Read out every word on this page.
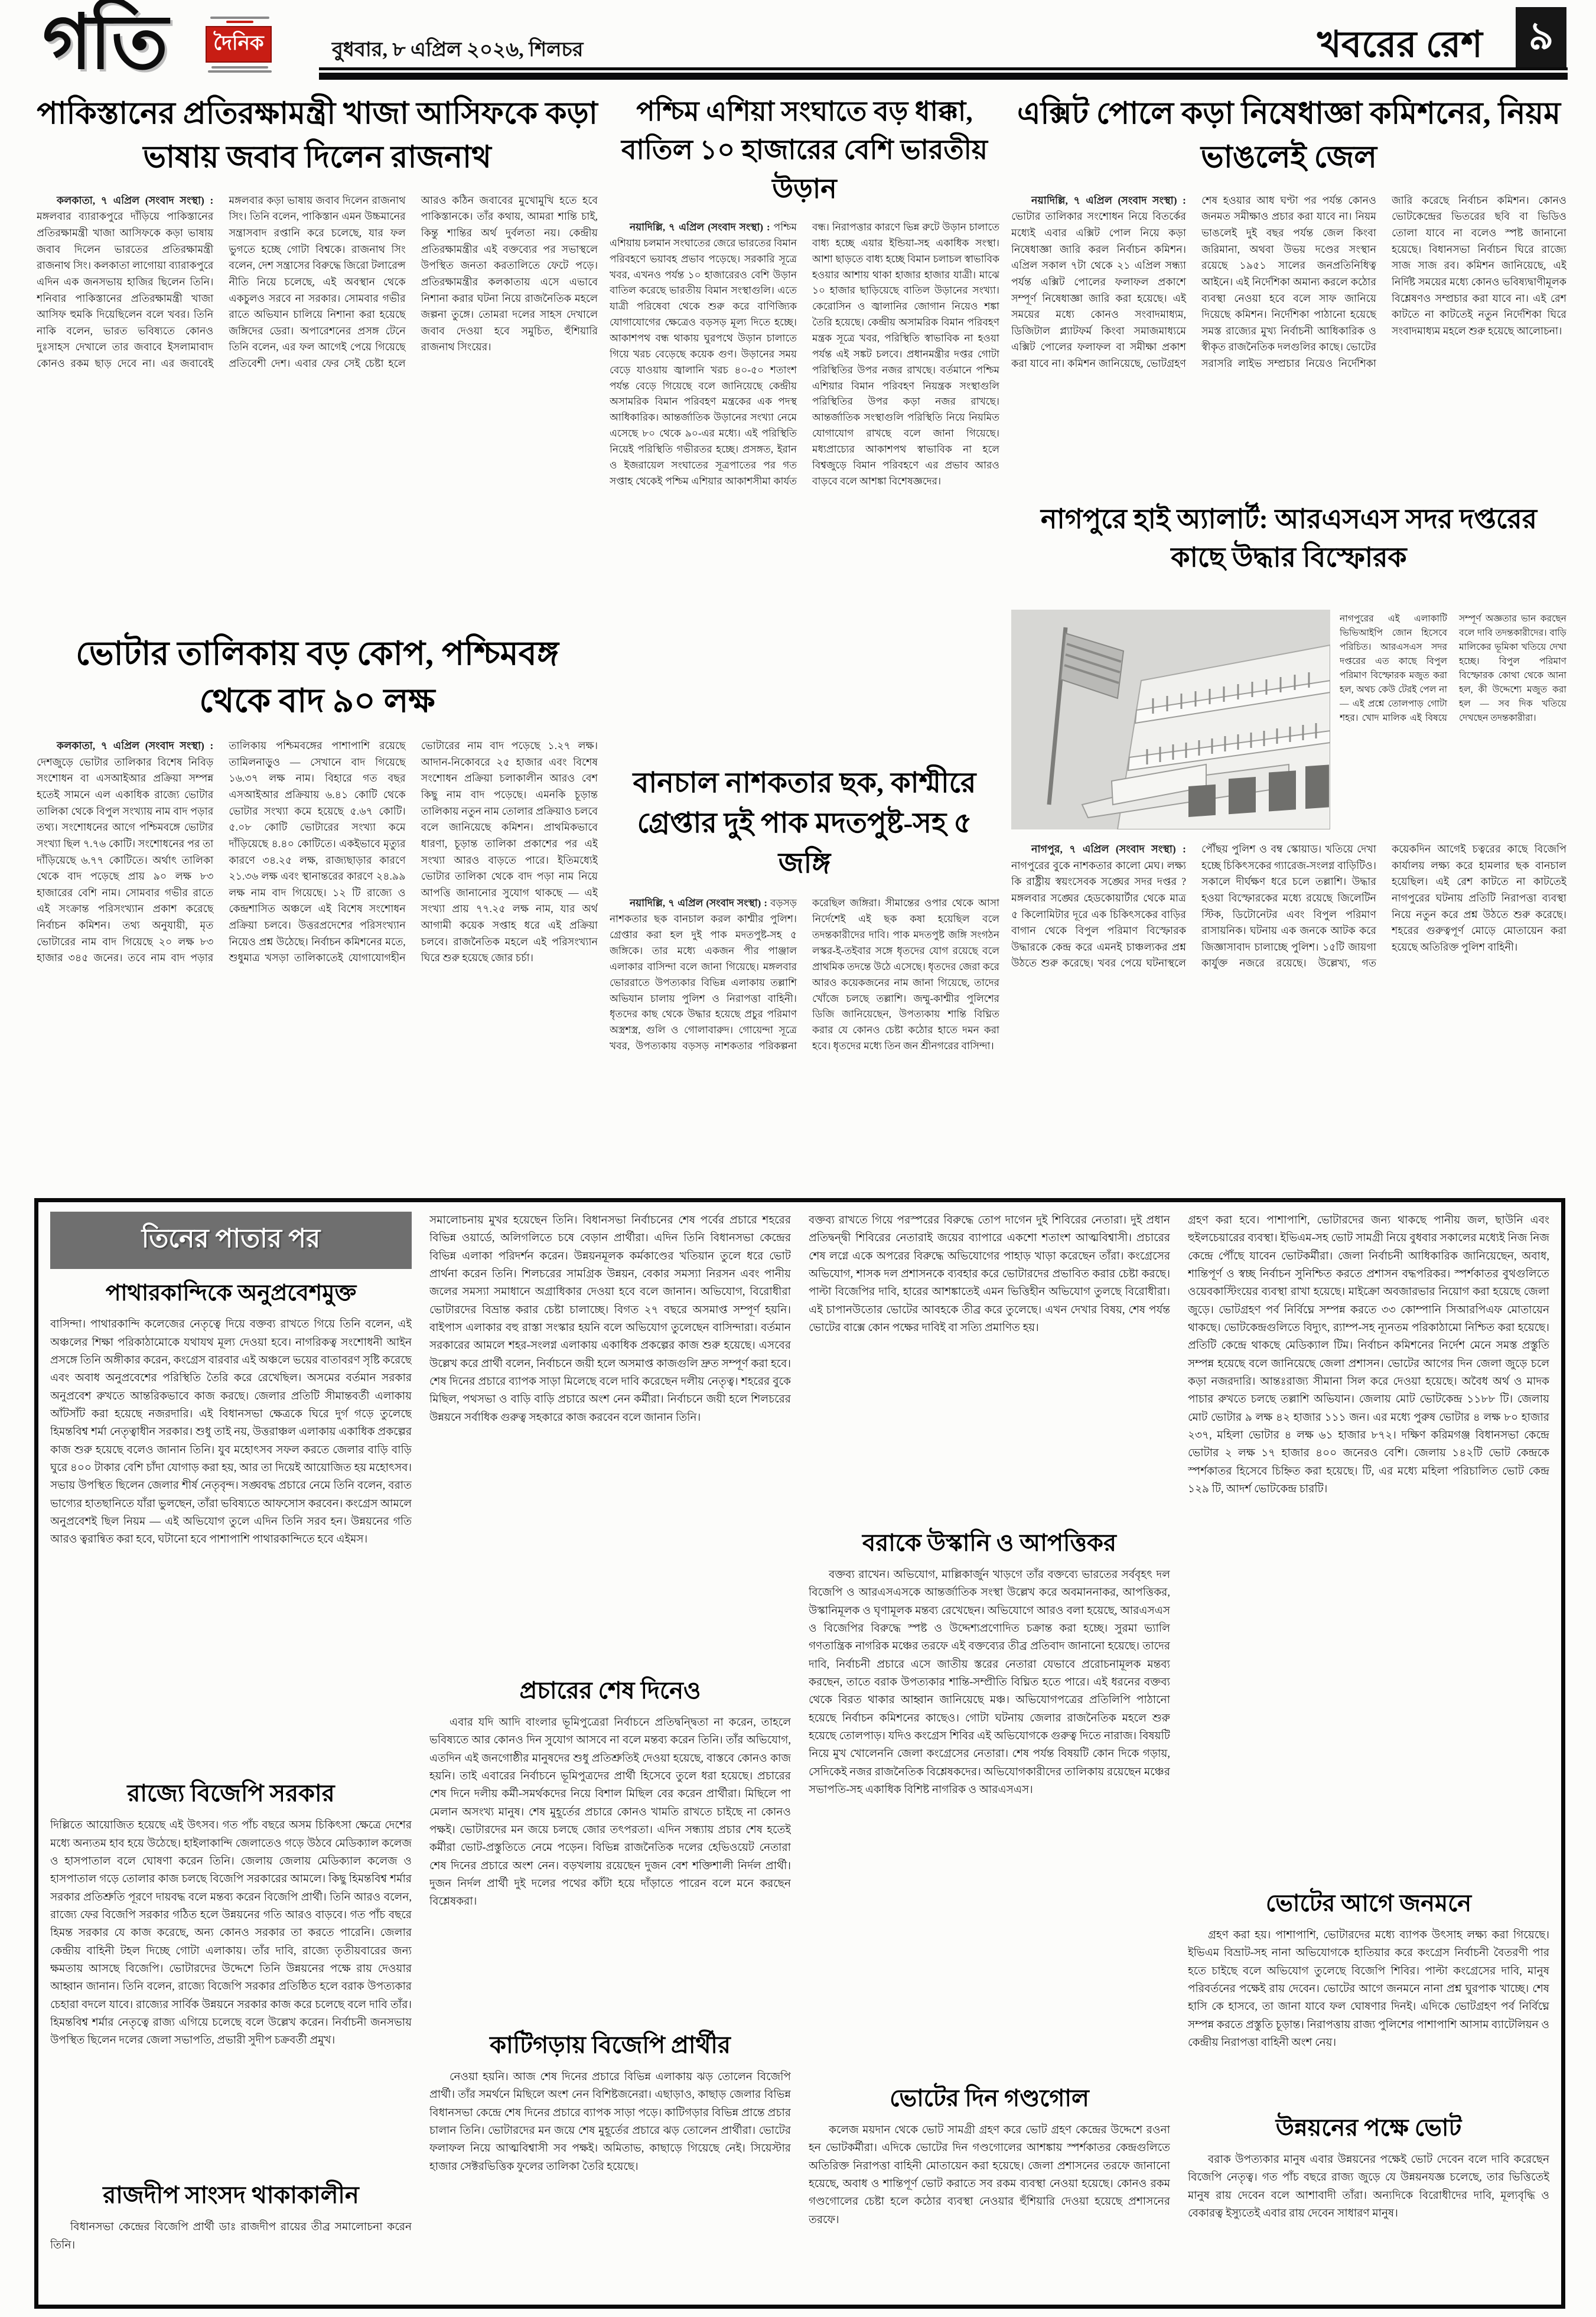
গতি দৈনিক	বুধবার, ৮ এপ্রিল ২০২৬, শিলচর	খবরের রেশ ৯
পাকিস্তানের প্রতিরক্ষামন্ত্রী খাজা আসিফকে কড়া ভাষায় জবাব দিলেন রাজনাথ

কলকাতা, ৭ এপ্রিল (সংবাদ সংস্থা) : মঙ্গলবার ব্যারাকপুরে দাঁড়িয়ে পাকিস্তানের প্রতিরক্ষামন্ত্রী খাজা আসিফকে কড়া ভাষায় জবাব দিলেন ভারতের প্রতিরক্ষামন্ত্রী রাজনাথ সিং। কলকাতা লাগোয়া ব্যারাকপুরে এদিন এক জনসভায় হাজির ছিলেন তিনি। শনিবার পাকিস্তানের প্রতিরক্ষামন্ত্রী খাজা আসিফ হুমকি দিয়েছিলেন বলে খবর। তিনি নাকি বলেন, ভারত ভবিষ্যতে কোনও দুঃসাহস দেখালে তার জবাবে ইসলামাবাদ কোনও রকম ছাড় দেবে না। এর জবাবেই মঙ্গলবার কড়া ভাষায় জবাব দিলেন রাজনাথ সিং। তিনি বলেন, পাকিস্তান এমন উচ্চমানের সন্ত্রাসবাদ রপ্তানি করে চলেছে, যার ফল ভুগতে হচ্ছে গোটা বিশ্বকে। রাজনাথ সিং বলেন, দেশ সন্ত্রাসের বিরুদ্ধে জিরো টলারেন্স নীতি নিয়ে চলেছে, এই অবস্থান থেকে একচুলও সরবে না সরকার। সোমবার গভীর রাতে অভিযান চালিয়ে নিশানা করা হয়েছে জঙ্গিদের ডেরা। অপারেশনের প্রসঙ্গ টেনে তিনি বলেন, এর ফল আগেই পেয়ে গিয়েছে প্রতিবেশী দেশ। এবার ফের সেই চেষ্টা হলে আরও কঠিন জবাবের মুখোমুখি হতে হবে পাকিস্তানকে। তাঁর কথায়, আমরা শান্তি চাই, কিন্তু শান্তির অর্থ দুর্বলতা নয়। কেন্দ্রীয় প্রতিরক্ষামন্ত্রীর এই বক্তব্যের পর সভাস্থলে উপস্থিত জনতা করতালিতে ফেটে পড়ে। প্রতিরক্ষামন্ত্রীর কলকাতায় এসে এভাবে নিশানা করার ঘটনা নিয়ে রাজনৈতিক মহলে জল্পনা তুঙ্গে। তোমরা দলের সাহস দেখালে জবাব দেওয়া হবে সমুচিত, হুঁশিয়ারি রাজনাথ সিংয়ের।

ভোটার তালিকায় বড় কোপ, পশ্চিমবঙ্গ থেকে বাদ ৯০ লক্ষ

কলকাতা, ৭ এপ্রিল (সংবাদ সংস্থা) : দেশজুড়ে ভোটার তালিকার বিশেষ নিবিড় সংশোধন বা এসআইআর প্রক্রিয়া সম্পন্ন হতেই সামনে এল একাধিক রাজ্যে ভোটার তালিকা থেকে বিপুল সংখ্যায় নাম বাদ পড়ার তথ্য। সংশোধনের আগে পশ্চিমবঙ্গে ভোটার সংখ্যা ছিল ৭.৭৬ কোটি। সংশোধনের পর তা দাঁড়িয়েছে ৬.৭৭ কোটিতে। অর্থাৎ তালিকা থেকে বাদ পড়েছে প্রায় ৯০ লক্ষ ৮৩ হাজারের বেশি নাম। সোমবার গভীর রাতে এই সংক্রান্ত পরিসংখ্যান প্রকাশ করেছে নির্বাচন কমিশন। তথ্য অনুযায়ী, মৃত ভোটারের নাম বাদ গিয়েছে ২০ লক্ষ ৮৩ হাজার ৩৪৫ জনের। তবে নাম বাদ পড়ার তালিকায় পশ্চিমবঙ্গের পাশাপাশি রয়েছে তামিলনাড়ুও — সেখানে বাদ গিয়েছে ১৬.৩৭ লক্ষ নাম। বিহারে গত বছর এসআইআর প্রক্রিয়ায় ৬.৪১ কোটি থেকে ভোটার সংখ্যা কমে হয়েছে ৫.৬৭ কোটি। ৫.০৮ কোটি ভোটারের সংখ্যা কমে দাঁড়িয়েছে ৪.৪০ কোটিতে। একইভাবে মৃত্যুর কারণে ৩৪.২৫ লক্ষ, রাজ্যছাড়ার কারণে ২১.৩৬ লক্ষ এবং স্থানান্তরের কারণে ২৪.৯৯ লক্ষ নাম বাদ গিয়েছে। ১২ টি রাজ্যে ও কেন্দ্রশাসিত অঞ্চলে এই বিশেষ সংশোধন প্রক্রিয়া চলবে। উত্তরপ্রদেশের পরিসংখ্যান নিয়েও প্রশ্ন উঠেছে। নির্বাচন কমিশনের মতে, শুধুমাত্র খসড়া তালিকাতেই যোগাযোগহীন ভোটারের নাম বাদ পড়েছে ১.২৭ লক্ষ। আদান-নিকোবরে ২৫ হাজার এবং বিশেষ সংশোধন প্রক্রিয়া চলাকালীন আরও বেশ কিছু নাম বাদ পড়েছে। এমনকি চূড়ান্ত তালিকায় নতুন নাম তোলার প্রক্রিয়াও চলবে বলে জানিয়েছে কমিশন। প্রাথমিকভাবে ধারণা, চূড়ান্ত তালিকা প্রকাশের পর এই সংখ্যা আরও বাড়তে পারে। ইতিমধ্যেই ভোটার তালিকা থেকে বাদ পড়া নাম নিয়ে আপত্তি জানানোর সুযোগ থাকছে — এই সংখ্যা প্রায় ৭৭.২৫ লক্ষ নাম, যার অর্থ আগামী কয়েক সপ্তাহ ধরে এই প্রক্রিয়া চলবে। রাজনৈতিক মহলে এই পরিসংখ্যান ঘিরে শুরু হয়েছে জোর চর্চা।

পশ্চিম এশিয়া সংঘাতে বড় ধাক্কা, বাতিল ১০ হাজারের বেশি ভারতীয় উড়ান

নয়াদিল্লি, ৭ এপ্রিল (সংবাদ সংস্থা) : পশ্চিম এশিয়ায় চলমান সংঘাতের জেরে ভারতের বিমান পরিবহণে ভয়াবহ প্রভাব পড়েছে। সরকারি সূত্রে খবর, এখনও পর্যন্ত ১০ হাজারেরও বেশি উড়ান বাতিল করেছে ভারতীয় বিমান সংস্থাগুলি। এতে যাত্রী পরিষেবা থেকে শুরু করে বাণিজ্যিক যোগাযোগের ক্ষেত্রেও বড়সড় মূল্য দিতে হচ্ছে। আকাশপথ বন্ধ থাকায় ঘুরপথে উড়ান চালাতে গিয়ে খরচ বেড়েছে কয়েক গুণ। উড়ানের সময় বেড়ে যাওয়ায় জ্বালানি খরচ ৪০-৫০ শতাংশ পর্যন্ত বেড়ে গিয়েছে বলে জানিয়েছে কেন্দ্রীয় অসামরিক বিমান পরিবহণ মন্ত্রকের এক পদস্থ আধিকারিক। আন্তর্জাতিক উড়ানের সংখ্যা নেমে এসেছে ৮০ থেকে ৯০-এর মধ্যে। এই পরিস্থিতি নিয়েই পরিস্থিতি গভীরতর হচ্ছে। প্রসঙ্গত, ইরান ও ইজরায়েল সংঘাতের সূত্রপাতের পর গত সপ্তাহ থেকেই পশ্চিম এশিয়ার আকাশসীমা কার্যত বন্ধ। নিরাপত্তার কারণে ভিন্ন রুটে উড়ান চালাতে বাধ্য হচ্ছে এয়ার ইন্ডিয়া-সহ একাধিক সংস্থা। আশা ছাড়তে বাধ্য হচ্ছে বিমান চলাচল স্বাভাবিক হওয়ার আশায় থাকা হাজার হাজার যাত্রী। মাঝে ১০ হাজার ছাড়িয়েছে বাতিল উড়ানের সংখ্যা। কেরোসিন ও জ্বালানির জোগান নিয়েও শঙ্কা তৈরি হয়েছে। কেন্দ্রীয় অসামরিক বিমান পরিবহণ মন্ত্রক সূত্রে খবর, পরিস্থিতি স্বাভাবিক না হওয়া পর্যন্ত এই সঙ্কট চলবে। প্রধানমন্ত্রীর দপ্তর গোটা পরিস্থিতির উপর নজর রাখছে। বর্তমানে পশ্চিম এশিয়ার বিমান পরিবহণ নিয়ন্ত্রক সংস্থাগুলি পরিস্থিতির উপর কড়া নজর রাখছে। আন্তর্জাতিক সংস্থাগুলি পরিস্থিতি নিয়ে নিয়মিত যোগাযোগ রাখছে বলে জানা গিয়েছে। মধ্যপ্রাচ্যের আকাশপথ স্বাভাবিক না হলে বিশ্বজুড়ে বিমান পরিবহণে এর প্রভাব আরও বাড়বে বলে আশঙ্কা বিশেষজ্ঞদের।

বানচাল নাশকতার ছক, কাশ্মীরে গ্রেপ্তার দুই পাক মদতপুষ্ট-সহ ৫ জঙ্গি

নয়াদিল্লি, ৭ এপ্রিল (সংবাদ সংস্থা) : বড়সড় নাশকতার ছক বানচাল করল কাশ্মীর পুলিশ। গ্রেপ্তার করা হল দুই পাক মদতপুষ্ট-সহ ৫ জঙ্গিকে। তার মধ্যে একজন পীর পাঞ্জাল এলাকার বাসিন্দা বলে জানা গিয়েছে। মঙ্গলবার ভোররাতে উপত্যকার বিভিন্ন এলাকায় তল্লাশি অভিযান চালায় পুলিশ ও নিরাপত্তা বাহিনী। ধৃতদের কাছ থেকে উদ্ধার হয়েছে প্রচুর পরিমাণ অস্ত্রশস্ত্র, গুলি ও গোলাবারুদ। গোয়েন্দা সূত্রে খবর, উপত্যকায় বড়সড় নাশকতার পরিকল্পনা করেছিল জঙ্গিরা। সীমান্তের ওপার থেকে আসা নির্দেশেই এই ছক কষা হয়েছিল বলে তদন্তকারীদের দাবি। পাক মদতপুষ্ট জঙ্গি সংগঠন লস্কর-ই-তইবার সঙ্গে ধৃতদের যোগ রয়েছে বলে প্রাথমিক তদন্তে উঠে এসেছে। ধৃতদের জেরা করে আরও কয়েকজনের নাম জানা গিয়েছে, তাদের খোঁজে চলছে তল্লাশি। জম্মু-কাশ্মীর পুলিশের ডিজি জানিয়েছেন, উপত্যকায় শান্তি বিঘ্নিত করার যে কোনও চেষ্টা কঠোর হাতে দমন করা হবে। ধৃতদের মধ্যে তিন জন শ্রীনগরের বাসিন্দা।

এক্সিট পোলে কড়া নিষেধাজ্ঞা কমিশনের, নিয়ম ভাঙলেই জেল

নয়াদিল্লি, ৭ এপ্রিল (সংবাদ সংস্থা) : ভোটার তালিকার সংশোধন নিয়ে বিতর্কের মধ্যেই এবার এক্সিট পোল নিয়ে কড়া নিষেধাজ্ঞা জারি করল নির্বাচন কমিশন। এপ্রিল সকাল ৭টা থেকে ২১ এপ্রিল সন্ধ্যা পর্যন্ত এক্সিট পোলের ফলাফল প্রকাশে সম্পূর্ণ নিষেধাজ্ঞা জারি করা হয়েছে। এই সময়ের মধ্যে কোনও সংবাদমাধ্যম, ডিজিটাল প্ল্যাটফর্ম কিংবা সমাজমাধ্যমে এক্সিট পোলের ফলাফল বা সমীক্ষা প্রকাশ করা যাবে না। কমিশন জানিয়েছে, ভোটগ্রহণ শেষ হওয়ার আধ ঘণ্টা পর পর্যন্ত কোনও জনমত সমীক্ষাও প্রচার করা যাবে না। নিয়ম ভাঙলেই দুই বছর পর্যন্ত জেল কিংবা জরিমানা, অথবা উভয় দণ্ডের সংস্থান রয়েছে ১৯৫১ সালের জনপ্রতিনিধিত্ব আইনে। এই নির্দেশিকা অমান্য করলে কঠোর ব্যবস্থা নেওয়া হবে বলে সাফ জানিয়ে দিয়েছে কমিশন। নির্দেশিকা পাঠানো হয়েছে সমস্ত রাজ্যের মুখ্য নির্বাচনী আধিকারিক ও স্বীকৃত রাজনৈতিক দলগুলির কাছে। ভোটের সরাসরি লাইভ সম্প্রচার নিয়েও নির্দেশিকা জারি করেছে নির্বাচন কমিশন। কোনও ভোটকেন্দ্রের ভিতরের ছবি বা ভিডিও তোলা যাবে না বলেও স্পষ্ট জানানো হয়েছে। বিধানসভা নির্বাচন ঘিরে রাজ্যে সাজ সাজ রব। কমিশন জানিয়েছে, এই নির্দিষ্ট সময়ের মধ্যে কোনও ভবিষ্যদ্বাণীমূলক বিশ্লেষণও সম্প্রচার করা যাবে না। এই রেশ কাটতে না কাটতেই নতুন নির্দেশিকা ঘিরে সংবাদমাধ্যম মহলে শুরু হয়েছে আলোচনা।

নাগপুরে হাই অ্যালার্ট: আরএসএস সদর দপ্তরের কাছে উদ্ধার বিস্ফোরক

নাগপুরের এই এলাকাটি ভিভিআইপি জোন হিসেবে পরিচিত। আরএসএস সদর দপ্তরের এত কাছে বিপুল পরিমাণ বিস্ফোরক মজুত করা হল, অথচ কেউ টেরই পেল না — এই প্রশ্নে তোলপাড় গোটা শহর। খোদ মালিক এই বিষয়ে সম্পূর্ণ অজ্ঞতার ভান করছেন বলে দাবি তদন্তকারীদের। বাড়ি মালিকের ভূমিকা খতিয়ে দেখা হচ্ছে। বিপুল পরিমাণ বিস্ফোরক কোথা থেকে আনা হল, কী উদ্দেশ্যে মজুত করা হল — সব দিক খতিয়ে দেখছেন তদন্তকারীরা।

নাগপুর, ৭ এপ্রিল (সংবাদ সংস্থা) : নাগপুরের বুকে নাশকতার কালো মেঘ। লক্ষ্য কি রাষ্ট্রীয় স্বয়ংসেবক সঙ্ঘের সদর দপ্তর ? মঙ্গলবার সঙ্ঘের হেডকোয়ার্টার থেকে মাত্র ৫ কিলোমিটার দূরে এক চিকিৎসকের বাড়ির বাগান থেকে বিপুল পরিমাণ বিস্ফোরক উদ্ধারকে কেন্দ্র করে এমনই চাঞ্চল্যকর প্রশ্ন উঠতে শুরু করেছে। খবর পেয়ে ঘটনাস্থলে পৌঁছয় পুলিশ ও বম্ব স্কোয়াড। খতিয়ে দেখা হচ্ছে চিকিৎসকের গ্যারেজ-সংলগ্ন বাড়িটিও। সকালে দীর্ঘক্ষণ ধরে চলে তল্লাশি। উদ্ধার হওয়া বিস্ফোরকের মধ্যে রয়েছে জিলেটিন স্টিক, ডিটোনেটর এবং বিপুল পরিমাণ রাসায়নিক। ঘটনায় এক জনকে আটক করে জিজ্ঞাসাবাদ চালাচ্ছে পুলিশ। ১৫টি জায়গা কার্যুক্ত নজরে রয়েছে। উল্লেখ্য, গত কয়েকদিন আগেই চত্বরের কাছে বিজেপি কার্যালয় লক্ষ্য করে হামলার ছক বানচাল হয়েছিল। এই রেশ কাটতে না কাটতেই নাগপুরের ঘটনায় প্রতিটি নিরাপত্তা ব্যবস্থা নিয়ে নতুন করে প্রশ্ন উঠতে শুরু করেছে। শহরের গুরুত্বপূর্ণ মোড়ে মোতায়েন করা হয়েছে অতিরিক্ত পুলিশ বাহিনী।

তিনের পাতার পর
পাথারকান্দিকে অনুপ্রবেশমুক্ত

বাসিন্দা। পাথারকান্দি কলেজের নেতৃত্বে দিয়ে বক্তব্য রাখতে গিয়ে তিনি বলেন, এই অঞ্চলের শিক্ষা পরিকাঠামোকে যথাযথ মূল্য দেওয়া হবে। নাগরিকত্ব সংশোধনী আইন প্রসঙ্গে তিনি অঙ্গীকার করেন, কংগ্রেস বারবার এই অঞ্চলে ভয়ের বাতাবরণ সৃষ্টি করেছে এবং অবাধ অনুপ্রবেশের পরিস্থিতি তৈরি করে রেখেছিল। অসমের বর্তমান সরকার অনুপ্রবেশ রুখতে আন্তরিকভাবে কাজ করছে। জেলার প্রতিটি সীমান্তবর্তী এলাকায় আঁটসাঁট করা হয়েছে নজরদারি। এই বিধানসভা ক্ষেত্রকে ঘিরে দুর্গ গড়ে তুলেছে হিমন্তবিশ্ব শর্মা নেতৃত্বাধীন সরকার। শুধু তাই নয়, উত্তরাঞ্চল এলাকায় একাধিক প্রকল্পের কাজ শুরু হয়েছে বলেও জানান তিনি। যুব মহোৎসব সফল করতে জেলার বাড়ি বাড়ি ঘুরে ৪০০ টাকার বেশি চাঁদা যোগাড় করা হয়, আর তা দিয়েই আয়োজিত হয় মহোৎসব। সভায় উপস্থিত ছিলেন জেলার শীর্ষ নেতৃবৃন্দ। সঙ্ঘবদ্ধ প্রচারে নেমে তিনি বলেন, বরাত ভাগ্যের হাতছানিতে যাঁরা ভুলছেন, তাঁরা ভবিষ্যতে আফসোস করবেন। কংগ্রেস আমলে অনুপ্রবেশই ছিল নিয়ম — এই অভিযোগ তুলে এদিন তিনি সরব হন। উন্নয়নের গতি আরও ত্বরান্বিত করা হবে, ঘটানো হবে পাশাপাশি পাথারকান্দিতে হবে এইমস।

রাজ্যে বিজেপি সরকার

দিল্লিতে আয়োজিত হয়েছে এই উৎসব। গত পাঁচ বছরে অসম চিকিৎসা ক্ষেত্রে দেশের মধ্যে অন্যতম হাব হয়ে উঠেছে। হাইলাকান্দি জেলাতেও গড়ে উঠবে মেডিক্যাল কলেজ ও হাসপাতাল বলে ঘোষণা করেন তিনি। জেলায় জেলায় মেডিক্যাল কলেজ ও হাসপাতাল গড়ে তোলার কাজ চলছে বিজেপি সরকারের আমলে। কিছু হিমন্তবিশ্ব শর্মার সরকার প্রতিশ্রুতি পূরণে দায়বদ্ধ বলে মন্তব্য করেন বিজেপি প্রার্থী। তিনি আরও বলেন, রাজ্যে ফের বিজেপি সরকার গঠিত হলে উন্নয়নের গতি আরও বাড়বে। গত পাঁচ বছরে হিমন্ত সরকার যে কাজ করেছে, অন্য কোনও সরকার তা করতে পারেনি। জেলার কেন্দ্রীয় বাহিনী টহল দিচ্ছে গোটা এলাকায়। তাঁর দাবি, রাজ্যে তৃতীয়বারের জন্য ক্ষমতায় আসছে বিজেপি। ভোটারদের উদ্দেশে তিনি উন্নয়নের পক্ষে রায় দেওয়ার আহ্বান জানান। তিনি বলেন, রাজ্যে বিজেপি সরকার প্রতিষ্ঠিত হলে বরাক উপত্যকার চেহারা বদলে যাবে। রাজ্যের সার্বিক উন্নয়নে সরকার কাজ করে চলেছে বলে দাবি তাঁর। হিমন্তবিশ্ব শর্মার নেতৃত্বে রাজ্য এগিয়ে চলেছে বলে উল্লেখ করেন। নির্বাচনী জনসভায় উপস্থিত ছিলেন দলের জেলা সভাপতি, প্রভারী সুদীপ চক্রবর্তী প্রমুখ।

রাজদীপ সাংসদ থাকাকালীন

বিধানসভা কেন্দ্রের বিজেপি প্রার্থী ডাঃ রাজদীপ রায়ের তীব্র সমালোচনা করেন তিনি।

সমালোচনায় মুখর হয়েছেন তিনি। বিধানসভা নির্বাচনের শেষ পর্বের প্রচারে শহরের বিভিন্ন ওয়ার্ডে, অলিগলিতে চষে বেড়ান প্রার্থীরা। এদিন তিনি বিধানসভা কেন্দ্রের বিভিন্ন এলাকা পরিদর্শন করেন। উন্নয়নমূলক কর্মকাণ্ডের খতিয়ান তুলে ধরে ভোট প্রার্থনা করেন তিনি। শিলচরের সামগ্রিক উন্নয়ন, বেকার সমস্যা নিরসন এবং পানীয় জলের সমস্যা সমাধানে অগ্রাধিকার দেওয়া হবে বলে জানান। অভিযোগ, বিরোধীরা ভোটারদের বিভ্রান্ত করার চেষ্টা চালাচ্ছে। বিগত ২৭ বছরে অসমাপ্ত সম্পূর্ণ হয়নি। বাইপাস এলাকার বহু রাস্তা সংস্কার হয়নি বলে অভিযোগ তুলেছেন বাসিন্দারা। বর্তমান সরকারের আমলে শহর-সংলগ্ন এলাকায় একাধিক প্রকল্পের কাজ শুরু হয়েছে। এসবের উল্লেখ করে প্রার্থী বলেন, নির্বাচনে জয়ী হলে অসমাপ্ত কাজগুলি দ্রুত সম্পূর্ণ করা হবে। শেষ দিনের প্রচারে ব্যাপক সাড়া মিলেছে বলে দাবি করেছেন দলীয় নেতৃত্ব। শহরের বুকে মিছিল, পথসভা ও বাড়ি বাড়ি প্রচারে অংশ নেন কর্মীরা। নির্বাচনে জয়ী হলে শিলচরের উন্নয়নে সর্বাধিক গুরুত্ব সহকারে কাজ করবেন বলে জানান তিনি।

প্রচারের শেষ দিনেও

এবার যদি আদি বাংলার ভূমিপুত্রেরা নির্বাচনে প্রতিদ্বন্দ্বিতা না করেন, তাহলে ভবিষ্যতে আর কোনও দিন সুযোগ আসবে না বলে মন্তব্য করেন তিনি। তাঁর অভিযোগ, এতদিন এই জনগোষ্ঠীর মানুষদের শুধু প্রতিশ্রুতিই দেওয়া হয়েছে, বাস্তবে কোনও কাজ হয়নি। তাই এবারের নির্বাচনে ভূমিপুত্রদের প্রার্থী হিসেবে তুলে ধরা হয়েছে। প্রচারের শেষ দিনে দলীয় কর্মী-সমর্থকদের নিয়ে বিশাল মিছিল বের করেন প্রার্থীরা। মিছিলে পা মেলান অসংখ্য মানুষ। শেষ মুহূর্তের প্রচারে কোনও খামতি রাখতে চাইছে না কোনও পক্ষই। ভোটারদের মন জয়ে চলছে জোর তৎপরতা। এদিন সন্ধ্যায় প্রচার শেষ হতেই কর্মীরা ভোট-প্রস্তুতিতে নেমে পড়েন। বিভিন্ন রাজনৈতিক দলের হেভিওয়েট নেতারা শেষ দিনের প্রচারে অংশ নেন। বড়খলায় রয়েছেন দুজন বেশ শক্তিশালী নির্দল প্রার্থী। দুজন নির্দল প্রার্থী দুই দলের পথের কাঁটা হয়ে দাঁড়াতে পারেন বলে মনে করছেন বিশ্লেষকরা।

কাটিগড়ায় বিজেপি প্রার্থীর

নেওয়া হয়নি। আজ শেষ দিনের প্রচারে বিভিন্ন এলাকায় ঝড় তোলেন বিজেপি প্রার্থী। তাঁর সমর্থনে মিছিলে অংশ নেন বিশিষ্টজনেরা। এছাড়াও, কাছাড় জেলার বিভিন্ন বিধানসভা কেন্দ্রে শেষ দিনের প্রচারে ব্যাপক সাড়া পড়ে। কাটিগড়ার বিভিন্ন প্রান্তে প্রচার চালান তিনি। ভোটারদের মন জয়ে শেষ মুহূর্তের প্রচারে ঝড় তোলেন প্রার্থীরা। ভোটের ফলাফল নিয়ে আত্মবিশ্বাসী সব পক্ষই। অমিতাভ, কাছাড়ে গিয়েছে নেই। সিয়েস্টার হাজার সেক্টরভিত্তিক ফুলের তালিকা তৈরি হয়েছে।

বক্তব্য রাখতে গিয়ে পরস্পরের বিরুদ্ধে তোপ দাগেন দুই শিবিরের নেতারা। দুই প্রধান প্রতিদ্বন্দ্বী শিবিরের নেতারাই জয়ের ব্যাপারে একশো শতাংশ আত্মবিশ্বাসী। প্রচারের শেষ লগ্নে একে অপরের বিরুদ্ধে অভিযোগের পাহাড় খাড়া করেছেন তাঁরা। কংগ্রেসের অভিযোগ, শাসক দল প্রশাসনকে ব্যবহার করে ভোটারদের প্রভাবিত করার চেষ্টা করছে। পাল্টা বিজেপির দাবি, হারের আশঙ্কাতেই এমন ভিত্তিহীন অভিযোগ তুলছে বিরোধীরা। এই চাপানউতোর ভোটের আবহকে তীব্র করে তুলেছে। এখন দেখার বিষয়, শেষ পর্যন্ত ভোটের বাক্সে কোন পক্ষের দাবিই বা সত্যি প্রমাণিত হয়।

বরাকে উস্কানি ও আপত্তিকর

বক্তব্য রাখেন। অভিযোগ, মাল্লিকার্জুন খাড়গে তাঁর বক্তব্যে ভারতের সর্ববৃহৎ দল বিজেপি ও আরএসএসকে আন্তর্জাতিক সংস্থা উল্লেখ করে অবমাননাকর, আপত্তিকর, উস্কানিমূলক ও ঘৃণামূলক মন্তব্য রেখেছেন। অভিযোগে আরও বলা হয়েছে, আরএসএস ও বিজেপির বিরুদ্ধে স্পষ্ট ও উদ্দেশ্যপ্রণোদিত চক্রান্ত করা হচ্ছে। সুরমা ভ্যালি গণতান্ত্রিক নাগরিক মঞ্চের তরফে এই বক্তব্যের তীব্র প্রতিবাদ জানানো হয়েছে। তাদের দাবি, নির্বাচনী প্রচারে এসে জাতীয় স্তরের নেতারা যেভাবে প্ররোচনামূলক মন্তব্য করছেন, তাতে বরাক উপত্যকার শান্তি-সম্প্রীতি বিঘ্নিত হতে পারে। এই ধরনের বক্তব্য থেকে বিরত থাকার আহ্বান জানিয়েছে মঞ্চ। অভিযোগপত্রের প্রতিলিপি পাঠানো হয়েছে নির্বাচন কমিশনের কাছেও। গোটা ঘটনায় জেলার রাজনৈতিক মহলে শুরু হয়েছে তোলপাড়। যদিও কংগ্রেস শিবির এই অভিযোগকে গুরুত্ব দিতে নারাজ। বিষয়টি নিয়ে মুখ খোলেননি জেলা কংগ্রেসের নেতারা। শেষ পর্যন্ত বিষয়টি কোন দিকে গড়ায়, সেদিকেই নজর রাজনৈতিক বিশ্লেষকদের। অভিযোগকারীদের তালিকায় রয়েছেন মঞ্চের সভাপতি-সহ একাধিক বিশিষ্ট নাগরিক ও আরএসএস।

ভোটের দিন গণ্ডগোল

কলেজ ময়দান থেকে ভোট সামগ্রী গ্রহণ করে ভোট গ্রহণ কেন্দ্রের উদ্দেশে রওনা হন ভোটকর্মীরা। এদিকে ভোটের দিন গণ্ডগোলের আশঙ্কায় স্পর্শকাতর কেন্দ্রগুলিতে অতিরিক্ত নিরাপত্তা বাহিনী মোতায়েন করা হয়েছে। জেলা প্রশাসনের তরফে জানানো হয়েছে, অবাধ ও শান্তিপূর্ণ ভোট করাতে সব রকম ব্যবস্থা নেওয়া হয়েছে। কোনও রকম গণ্ডগোলের চেষ্টা হলে কঠোর ব্যবস্থা নেওয়ার হুঁশিয়ারি দেওয়া হয়েছে প্রশাসনের তরফে।

গ্রহণ করা হবে। পাশাপাশি, ভোটারদের জন্য থাকছে পানীয় জল, ছাউনি এবং হুইলচেয়ারের ব্যবস্থা। ইভিএম-সহ ভোট সামগ্রী নিয়ে বুধবার সকালের মধ্যেই নিজ নিজ কেন্দ্রে পৌঁছে যাবেন ভোটকর্মীরা। জেলা নির্বাচনী আধিকারিক জানিয়েছেন, অবাধ, শান্তিপূর্ণ ও স্বচ্ছ নির্বাচন সুনিশ্চিত করতে প্রশাসন বদ্ধপরিকর। স্পর্শকাতর বুথগুলিতে ওয়েবকাস্টিংয়ের ব্যবস্থা রাখা হয়েছে। মাইক্রো অবজারভার নিয়োগ করা হয়েছে জেলা জুড়ে। ভোটগ্রহণ পর্ব নির্বিঘ্নে সম্পন্ন করতে ৩৩ কোম্পানি সিআরপিএফ মোতায়েন থাকছে। ভোটকেন্দ্রগুলিতে বিদ্যুৎ, র‍্যাম্প-সহ ন্যূনতম পরিকাঠামো নিশ্চিত করা হয়েছে। প্রতিটি কেন্দ্রে থাকছে মেডিক্যাল টিম। নির্বাচন কমিশনের নির্দেশ মেনে সমস্ত প্রস্তুতি সম্পন্ন হয়েছে বলে জানিয়েছে জেলা প্রশাসন। ভোটের আগের দিন জেলা জুড়ে চলে কড়া নজরদারি। আন্তঃরাজ্য সীমানা সিল করে দেওয়া হয়েছে। অবৈধ অর্থ ও মাদক পাচার রুখতে চলছে তল্লাশি অভিযান। জেলায় মোট ভোটকেন্দ্র ১১৮৮ টি। জেলায় মোট ভোটার ৯ লক্ষ ৪২ হাজার ১১১ জন। এর মধ্যে পুরুষ ভোটার ৪ লক্ষ ৮০ হাজার ২৩৭, মহিলা ভোটার ৪ লক্ষ ৬১ হাজার ৮৭২। দক্ষিণ করিমগঞ্জ বিধানসভা কেন্দ্রে ভোটার ২ লক্ষ ১৭ হাজার ৪০০ জনেরও বেশি। জেলায় ১৪২টি ভোট কেন্দ্রকে স্পর্শকাতর হিসেবে চিহ্নিত করা হয়েছে। টি, এর মধ্যে মহিলা পরিচালিত ভোট কেন্দ্র ১২৯ টি, আদর্শ ভোটকেন্দ্র চারটি।

ভোটের আগে জনমনে

গ্রহণ করা হয়। পাশাপাশি, ভোটারদের মধ্যে ব্যাপক উৎসাহ লক্ষ্য করা গিয়েছে। ইভিএম বিভ্রাট-সহ নানা অভিযোগকে হাতিয়ার করে কংগ্রেস নির্বাচনী বৈতরণী পার হতে চাইছে বলে অভিযোগ তুলেছে বিজেপি শিবির। পাল্টা কংগ্রেসের দাবি, মানুষ পরিবর্তনের পক্ষেই রায় দেবেন। ভোটের আগে জনমনে নানা প্রশ্ন ঘুরপাক খাচ্ছে। শেষ হাসি কে হাসবে, তা জানা যাবে ফল ঘোষণার দিনই। এদিকে ভোটগ্রহণ পর্ব নির্বিঘ্নে সম্পন্ন করতে প্রস্তুতি চূড়ান্ত। নিরাপত্তায় রাজ্য পুলিশের পাশাপাশি আসাম ব্যাটেলিয়ন ও কেন্দ্রীয় নিরাপত্তা বাহিনী অংশ নেয়।

উন্নয়নের পক্ষে ভোট

বরাক উপত্যকার মানুষ এবার উন্নয়নের পক্ষেই ভোট দেবেন বলে দাবি করেছেন বিজেপি নেতৃত্ব। গত পাঁচ বছরে রাজ্য জুড়ে যে উন্নয়নযজ্ঞ চলেছে, তার ভিত্তিতেই মানুষ রায় দেবেন বলে আশাবাদী তাঁরা। অন্যদিকে বিরোধীদের দাবি, মূল্যবৃদ্ধি ও বেকারত্ব ইস্যুতেই এবার রায় দেবেন সাধারণ মানুষ।
